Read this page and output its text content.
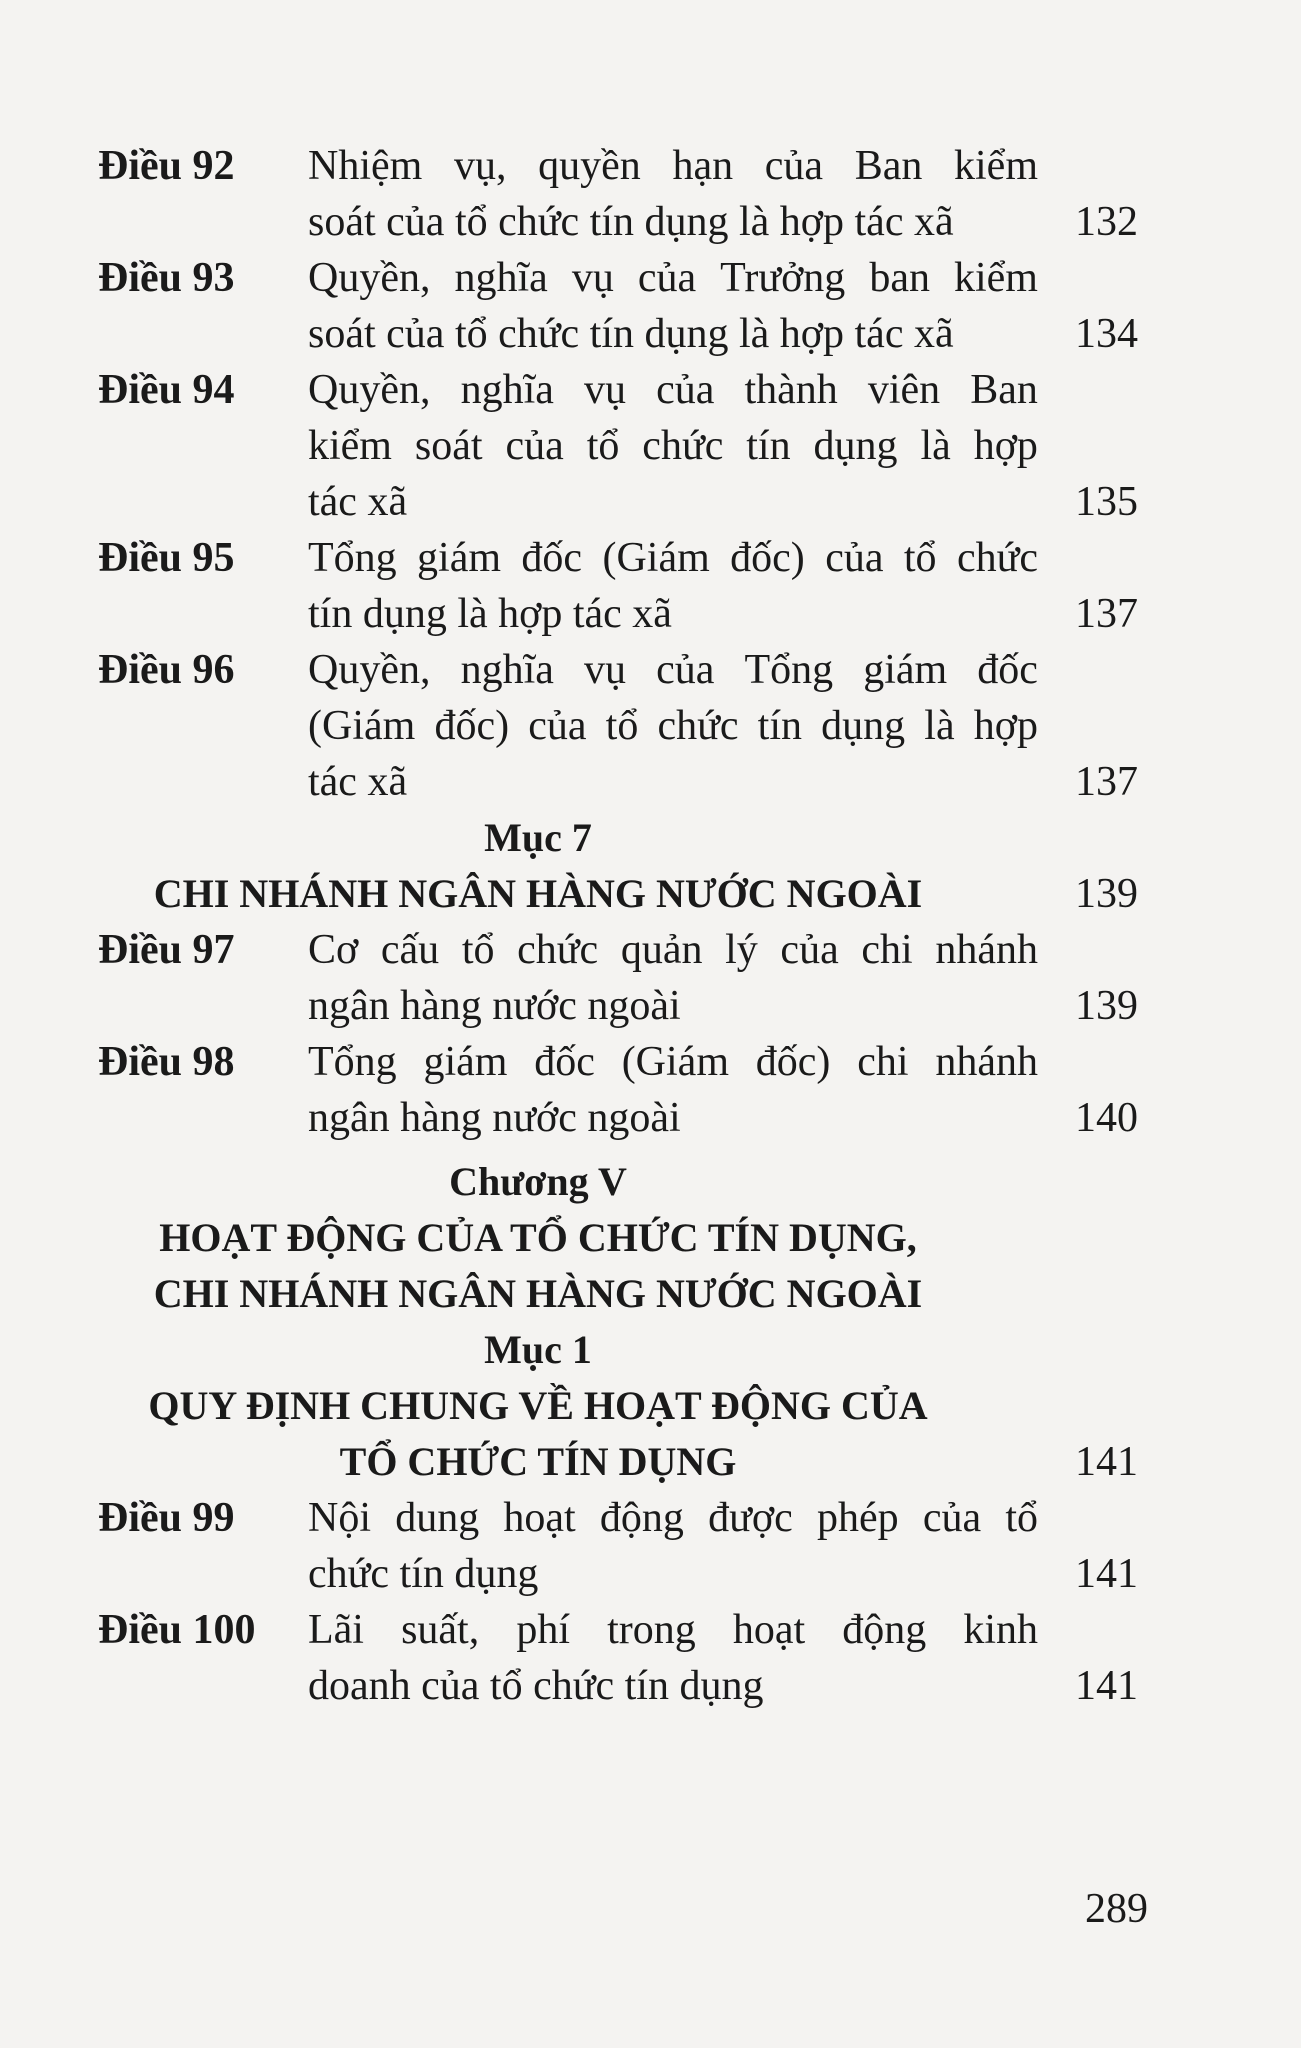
Điều 92	Nhiệm vụ, quyền hạn của Ban kiểm
soát của tổ chức tín dụng là hợp tác xã	132
Điều 93	Quyền, nghĩa vụ của Trưởng ban kiểm
soát của tổ chức tín dụng là hợp tác xã	134
Điều 94	Quyền, nghĩa vụ của thành viên Ban
kiểm soát của tổ chức tín dụng là hợp
tác xã	135
Điều 95	Tổng giám đốc (Giám đốc) của tổ chức
tín dụng là hợp tác xã	137
Điều 96	Quyền, nghĩa vụ của Tổng giám đốc
(Giám đốc) của tổ chức tín dụng là hợp
tác xã	137
Mục 7
CHI NHÁNH NGÂN HÀNG NƯỚC NGOÀI	139
Điều 97	Cơ cấu tổ chức quản lý của chi nhánh
ngân hàng nước ngoài	139
Điều 98	Tổng giám đốc (Giám đốc) chi nhánh
ngân hàng nước ngoài	140
Chương V
HOẠT ĐỘNG CỦA TỔ CHỨC TÍN DỤNG,
CHI NHÁNH NGÂN HÀNG NƯỚC NGOÀI
Mục 1
QUY ĐỊNH CHUNG VỀ HOẠT ĐỘNG CỦA
TỔ CHỨC TÍN DỤNG	141
Điều 99	Nội dung hoạt động được phép của tổ
chức tín dụng	141
Điều 100	Lãi suất, phí trong hoạt động kinh
doanh của tổ chức tín dụng	141
289
